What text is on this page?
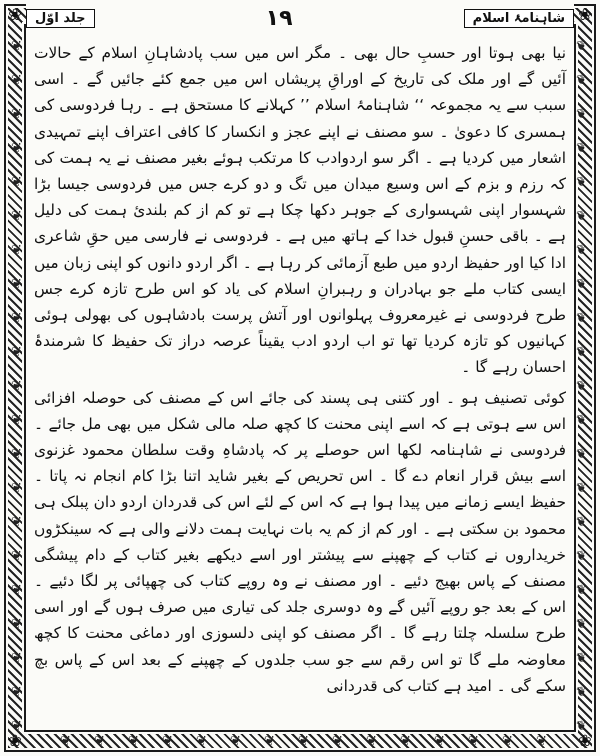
❦	❦
❦	❦
❦	❦
❦	❦
❦	❦
❦	❦
❦	❦
❦	❦
❦	❦
❦	❦
❦	❦
❦	❦
❦	❦
❦	❦
❦	❦
❦	❦
❦	❦
❦	❦
❦	❦
❦	❦
❦	❦
❦ ❦ ❦ ❦ ❦ ❦ ❦ ❦ ❦ ❦ ❦ ❦ ❦ ❦ ❦
❀	❀
❀	❀
جلد اوّل	١٩	شاہنامۂ اسلام

نیا بھی ہوتا اور حسبِ حال بھی ۔ مگر اس میں سب پادشاہانِ اسلام کے حالات آئیں گے اور ملک کی تاریخ کے اوراقِ پریشاں اس میں جمع کئے جائیں گے ۔ اسی سبب سے یہ مجموعہ ‘‘ شاہنامۂ اسلام ’’ کہلانے کا مستحق ہے ۔ رہا فردوسی کی ہمسری کا دعویٰ ۔ سو مصنف نے اپنے عجز و انکسار کا کافی اعتراف اپنے تمہیدی اشعار میں کردیا ہے ۔ اگر سو اردوادب کا مرتکب ہوئے بغیر مصنف نے یہ ہمت کی کہ رزم و بزم کے اس وسیع میدان میں تگ و دو کرے جس میں فردوسی جیسا بڑا شہسوار اپنی شہسواری کے جوہر دکھا چکا ہے تو کم از کم بلندیٔ ہمت کی دلیل ہے ۔ باقی حسنِ قبول خدا کے ہاتھ میں ہے ۔ فردوسی نے فارسی میں حقِ شاعری ادا کیا اور حفیظ اردو میں طبع آزمائی کر رہا ہے ۔ اگر اردو دانوں کو اپنی زبان میں ایسی کتاب ملے جو بہادران و رہبرانِ اسلام کی یاد کو اس طرح تازہ کرے جس طرح فردوسی نے غیرمعروف پہلوانوں اور آتش پرست بادشاہوں کی بھولی ہوئی کہانیوں کو تازہ کردیا تھا تو اب اردو ادب یقیناً عرصہ دراز تک حفیظ کا شرمندۂ احسان رہے گا ۔

کوئی تصنیف ہو ۔ اور کتنی ہی پسند کی جائے اس کے مصنف کی حوصلہ افزائی اس سے ہوتی ہے کہ اسے اپنی محنت کا کچھ صلہ مالی شکل میں بھی مل جائے ۔ فردوسی نے شاہنامہ لکھا اس حوصلے پر کہ پادشاہِ وقت سلطان محمود غزنوی اسے بیش قرار انعام دے گا ۔ اس تحریص کے بغیر شاید اتنا بڑا کام انجام نہ پاتا ۔ حفیظ ایسے زمانے میں پیدا ہوا ہے کہ اس کے لئے اس کی قدردان اردو دان پبلک ہی محمود بن سکتی ہے ۔ اور کم از کم یہ بات نہایت ہمت دلانے والی ہے کہ سینکڑوں خریداروں نے کتاب کے چھپنے سے پیشتر اور اسے دیکھے بغیر کتاب کے دام پیشگی مصنف کے پاس بھیج دئیے ۔ اور مصنف نے وہ روپے کتاب کی چھپائی پر لگا دئیے ۔ اس کے بعد جو روپے آئیں گے وہ دوسری جلد کی تیاری میں صرف ہوں گے اور اسی طرح سلسلہ چلتا رہے گا ۔ اگر مصنف کو اپنی دلسوزی اور دماغی محنت کا کچھ معاوضہ ملے گا تو اس رقم سے جو سب جلدوں کے چھپنے کے بعد اس کے پاس بچ سکے گی ۔ امید ہے کتاب کی قدردانی
